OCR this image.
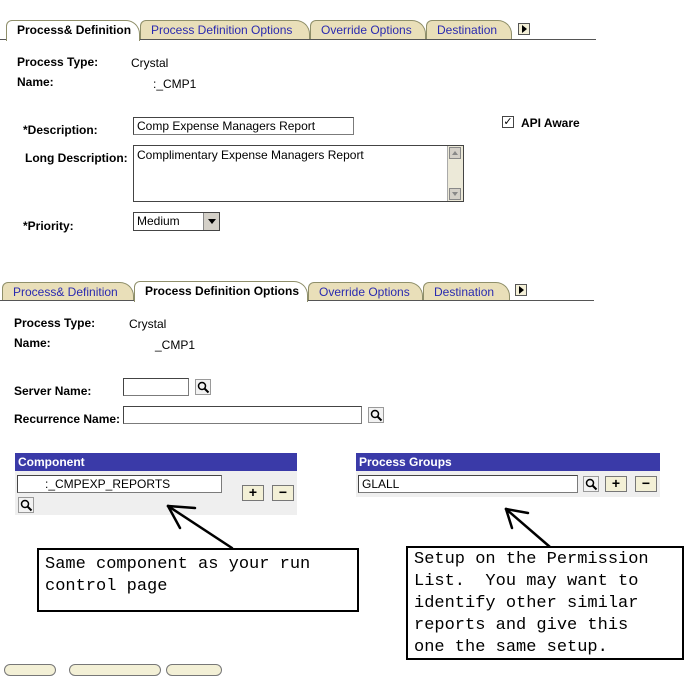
Process& Definition	Process Definition Options	Override Options	Destination
Process Type:	Crystal
Name:	:_CMP1
*Description:	Comp Expense Managers Report	✓ API Aware
Long Description: Complimentary Expense Managers Report
*Priority:	Medium
Process& Definition	Process Definition Options	Override Options	Destination
Process Type:	Crystal
Name:	_CMP1
Server Name:
Recurrence Name:
Component
:_CMPEXP_REPORTS	+	−
Process Groups
GLALL	+	−
Same component as your run
control page
Setup on the Permission
List.  You may want to
identify other similar
reports and give this
one the same setup.
